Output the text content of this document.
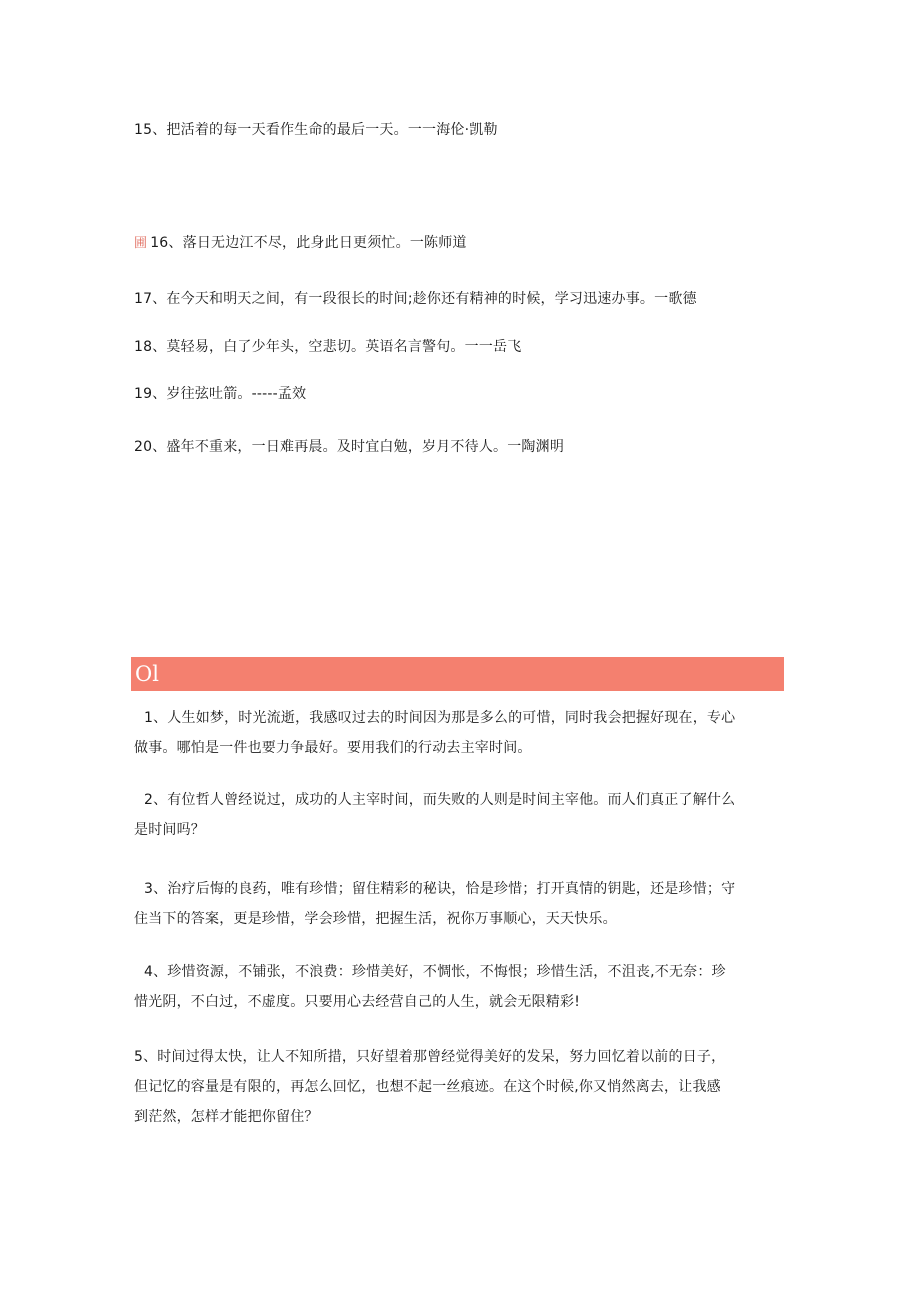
15、把活着的每一天看作生命的最后一天。一一海伦·凯勒
圃 16、落日无边江不尽，此身此日更须忙。一陈师道
17、在今天和明天之间，有一段很长的时间;趁你还有精神的时候，学习迅速办事。一歌德
18、莫轻易，白了少年头，空悲切。英语名言警句。一一岳飞
19、岁往弦吐箭。-----孟效
20、盛年不重来，一日难再晨。及时宜白勉，岁月不待人。一陶渊明
Ol
1、人生如梦，时光流逝，我感叹过去的时间因为那是多么的可惜，同时我会把握好现在，专心
做事。哪怕是一件也要力争最好。要用我们的行动去主宰时间。
2、有位哲人曾经说过，成功的人主宰时间，而失败的人则是时间主宰他。而人们真正了解什么
是时间吗？
3、治疗后悔的良药，唯有珍惜；留住精彩的秘诀，恰是珍惜；打开真情的钥匙，还是珍惜；守
住当下的答案，更是珍惜，学会珍惜，把握生活，祝你万事顺心，天天快乐。
4、珍惜资源，不铺张，不浪费：珍惜美好，不惆怅，不悔恨；珍惜生活，不沮丧,不无奈：珍
惜光阴，不白过，不虚度。只要用心去经营自己的人生，就会无限精彩!
5、时间过得太快，让人不知所措，只好望着那曾经觉得美好的发呆，努力回忆着以前的日子，
但记忆的容量是有限的，再怎么回忆，也想不起一丝痕迹。在这个时候,你又悄然离去，让我感
到茫然，怎样才能把你留住？
